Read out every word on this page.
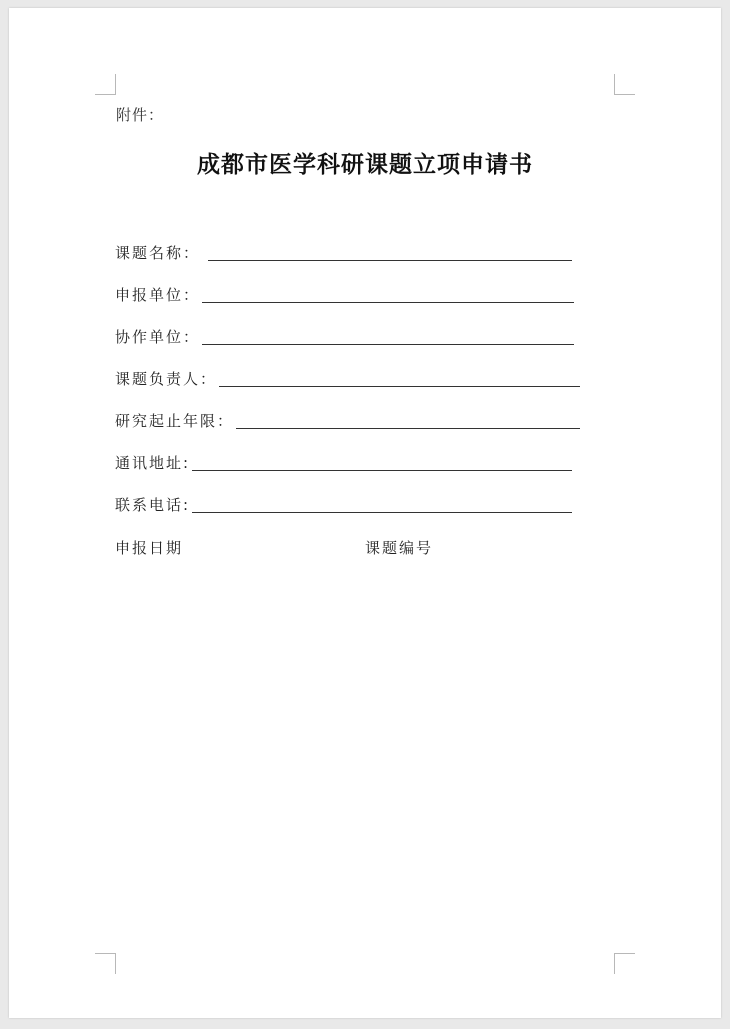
附件：
成都市医学科研课题立项申请书
课题名称：
申报单位：
协作单位：
课题负责人：
研究起止年限：
通讯地址:
联系电话:
申报日期	课题编号
